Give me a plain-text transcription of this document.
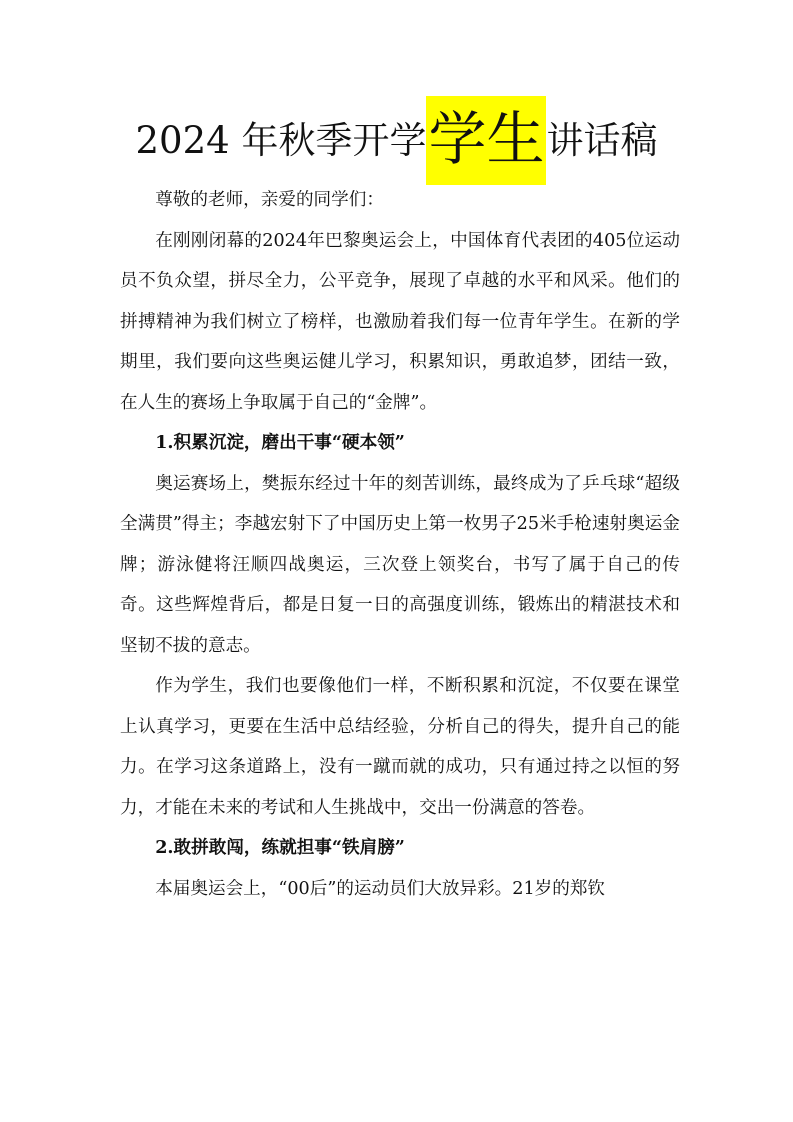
2024 年秋季开学学生讲话稿

尊敬的老师，亲爱的同学们：

在刚刚闭幕的2024年巴黎奥运会上，中国体育代表团的405位运动员不负众望，拼尽全力，公平竞争，展现了卓越的水平和风采。他们的拼搏精神为我们树立了榜样，也激励着我们每一位青年学生。在新的学期里，我们要向这些奥运健儿学习，积累知识，勇敢追梦，团结一致，在人生的赛场上争取属于自己的“金牌”。

1.积累沉淀，磨出干事“硬本领”

奥运赛场上，樊振东经过十年的刻苦训练，最终成为了乒乓球“超级全满贯”得主；李越宏射下了中国历史上第一枚男子25米手枪速射奥运金牌；游泳健将汪顺四战奥运，三次登上领奖台，书写了属于自己的传奇。这些辉煌背后，都是日复一日的高强度训练，锻炼出的精湛技术和坚韧不拔的意志。

作为学生，我们也要像他们一样，不断积累和沉淀，不仅要在课堂上认真学习，更要在生活中总结经验，分析自己的得失，提升自己的能力。在学习这条道路上，没有一蹴而就的成功，只有通过持之以恒的努力，才能在未来的考试和人生挑战中，交出一份满意的答卷。

2.敢拼敢闯，练就担事“铁肩膀”

本届奥运会上，“00后”的运动员们大放异彩。21岁的郑钦
